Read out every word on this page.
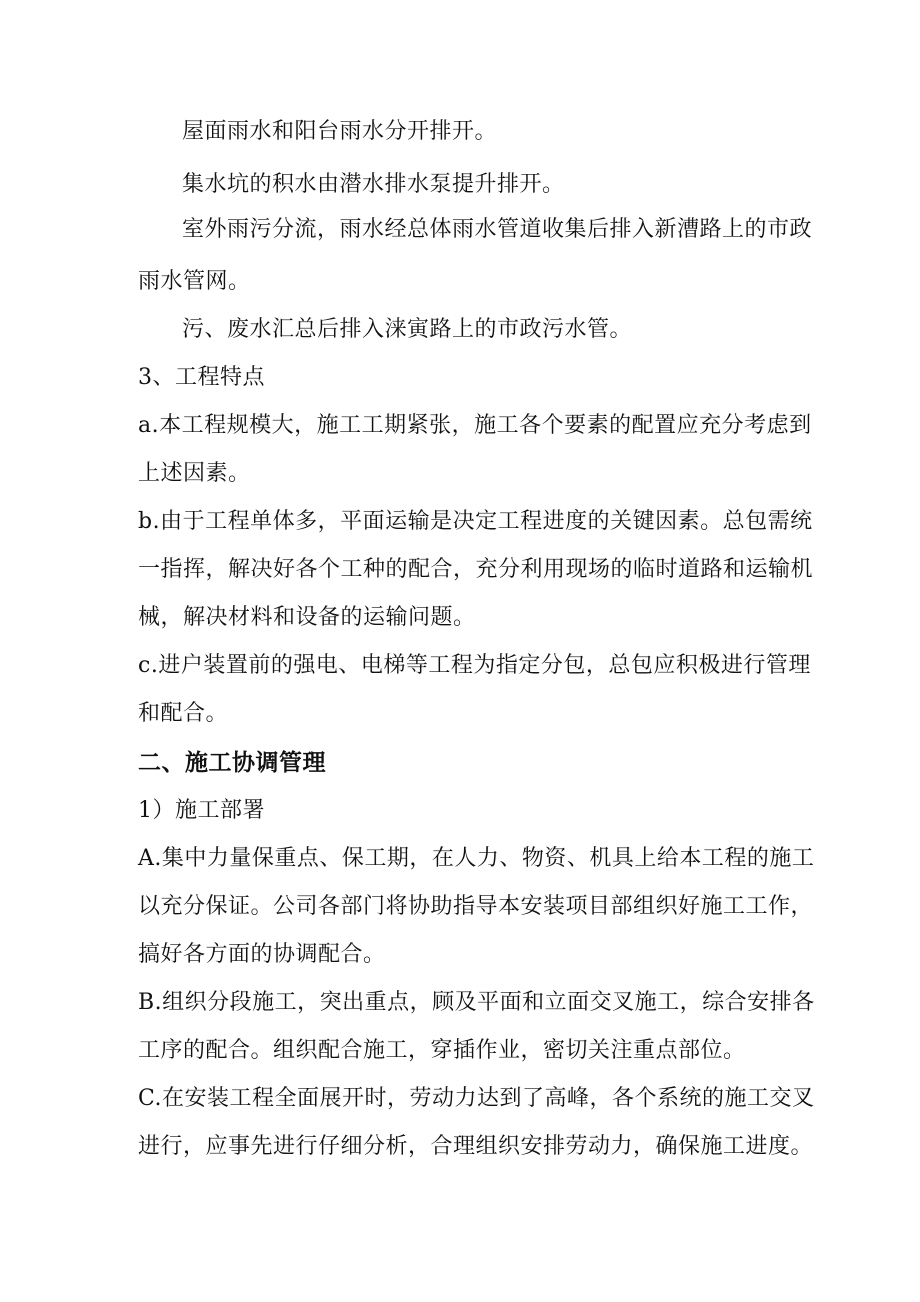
屋面雨水和阳台雨水分开排开。
集水坑的积水由潜水排水泵提升排开。
室外雨污分流，雨水经总体雨水管道收集后排入新漕路上的市政
雨水管网。
污、废水汇总后排入涞寅路上的市政污水管。
3、工程特点
a.本工程规模大，施工工期紧张，施工各个要素的配置应充分考虑到
上述因素。
b.由于工程单体多，平面运输是决定工程进度的关键因素。总包需统
一指挥，解决好各个工种的配合，充分利用现场的临时道路和运输机
械，解决材料和设备的运输问题。
c.进户装置前的强电、电梯等工程为指定分包，总包应积极进行管理
和配合。
二、施工协调管理
1）施工部署
A.集中力量保重点、保工期，在人力、物资、机具上给本工程的施工
以充分保证。公司各部门将协助指导本安装项目部组织好施工工作，
搞好各方面的协调配合。
B.组织分段施工，突出重点，顾及平面和立面交叉施工，综合安排各
工序的配合。组织配合施工，穿插作业，密切关注重点部位。
C.在安装工程全面展开时，劳动力达到了高峰，各个系统的施工交叉
进行，应事先进行仔细分析，合理组织安排劳动力，确保施工进度。
